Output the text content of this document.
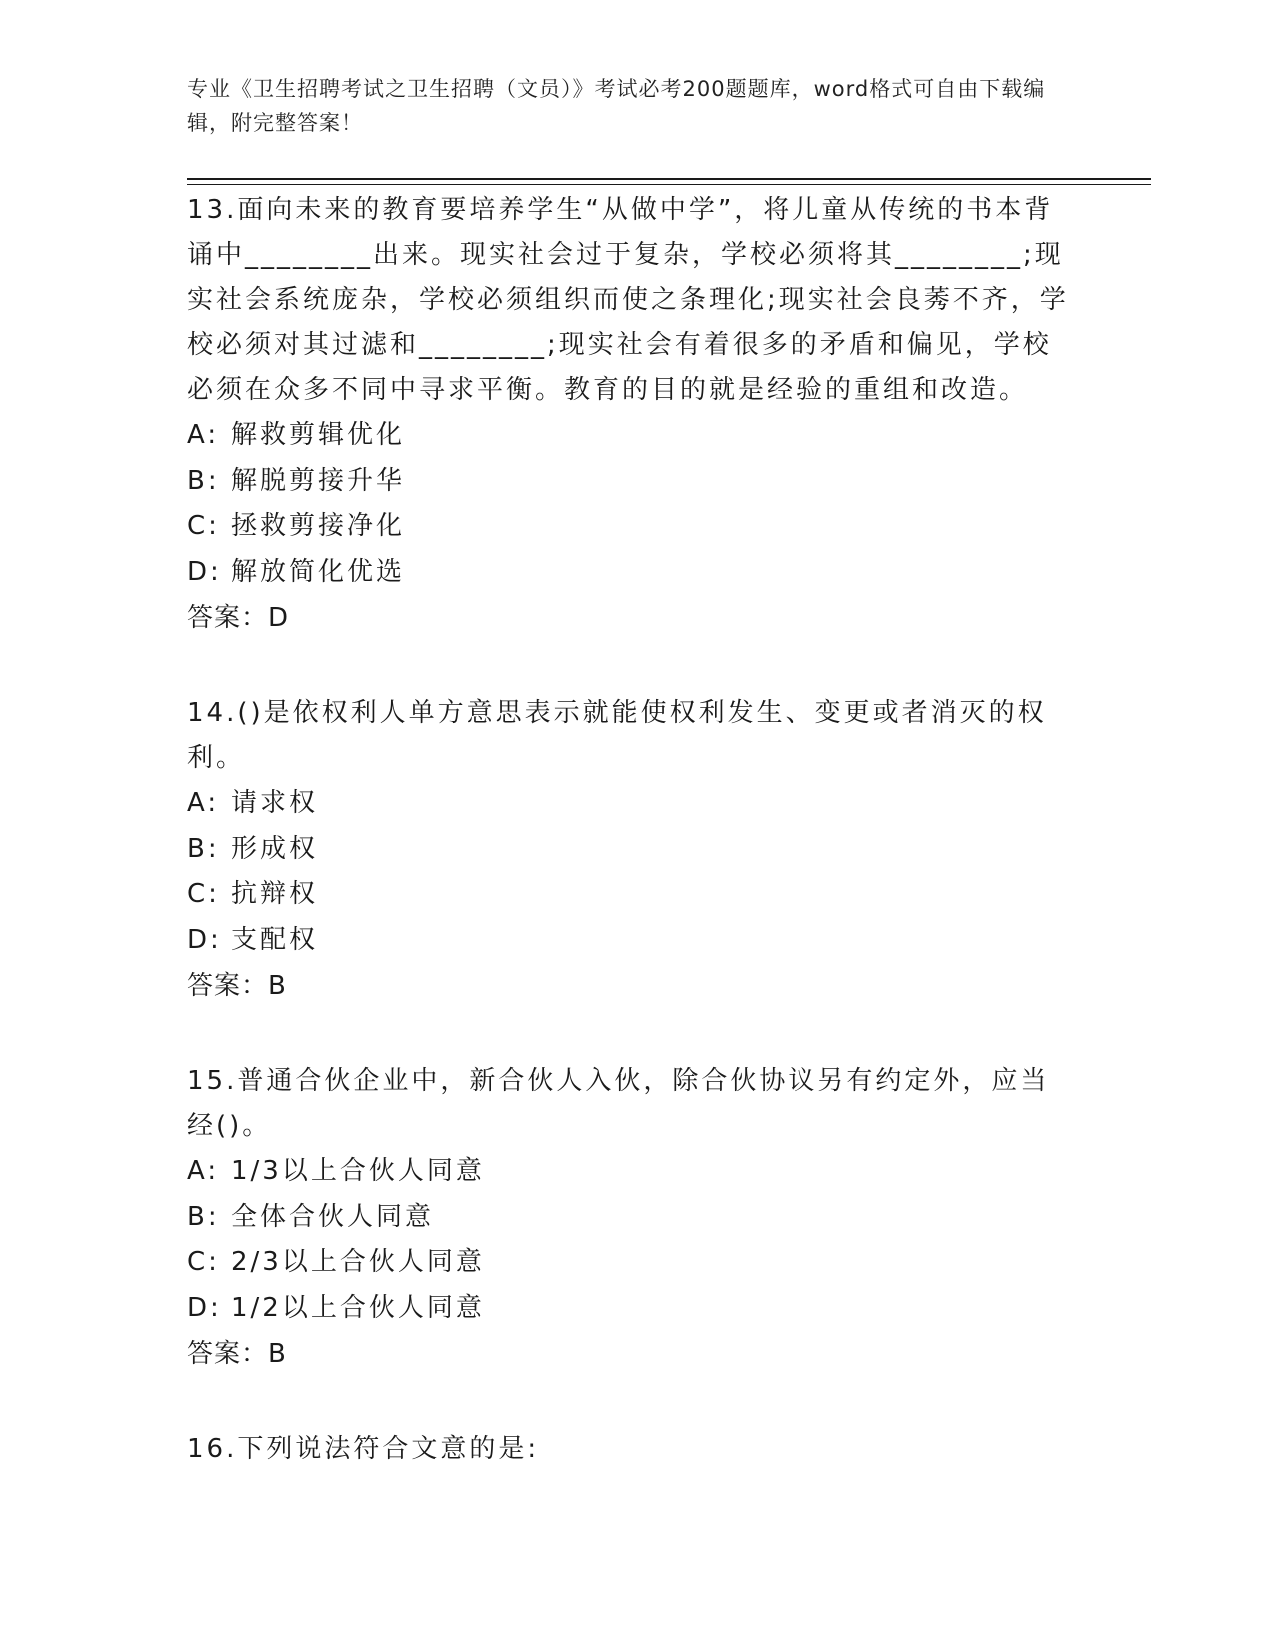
专业《卫生招聘考试之卫生招聘（文员）》考试必考200题题库，word格式可自由下载编辑，附完整答案！

13.面向未来的教育要培养学生“从做中学”，将儿童从传统的书本背诵中________出来。现实社会过于复杂，学校必须将其________;现实社会系统庞杂，学校必须组织而使之条理化;现实社会良莠不齐，学校必须对其过滤和________;现实社会有着很多的矛盾和偏见，学校必须在众多不同中寻求平衡。教育的目的就是经验的重组和改造。

A: 解救剪辑优化

B: 解脱剪接升华

C: 拯救剪接净化

D: 解放简化优选

答案：D

14.()是依权利人单方意思表示就能使权利发生、变更或者消灭的权利。

A: 请求权

B: 形成权

C: 抗辩权

D: 支配权

答案：B

15.普通合伙企业中，新合伙人入伙，除合伙协议另有约定外，应当经()。

A: 1/3以上合伙人同意

B: 全体合伙人同意

C: 2/3以上合伙人同意

D: 1/2以上合伙人同意

答案：B

16.下列说法符合文意的是:
